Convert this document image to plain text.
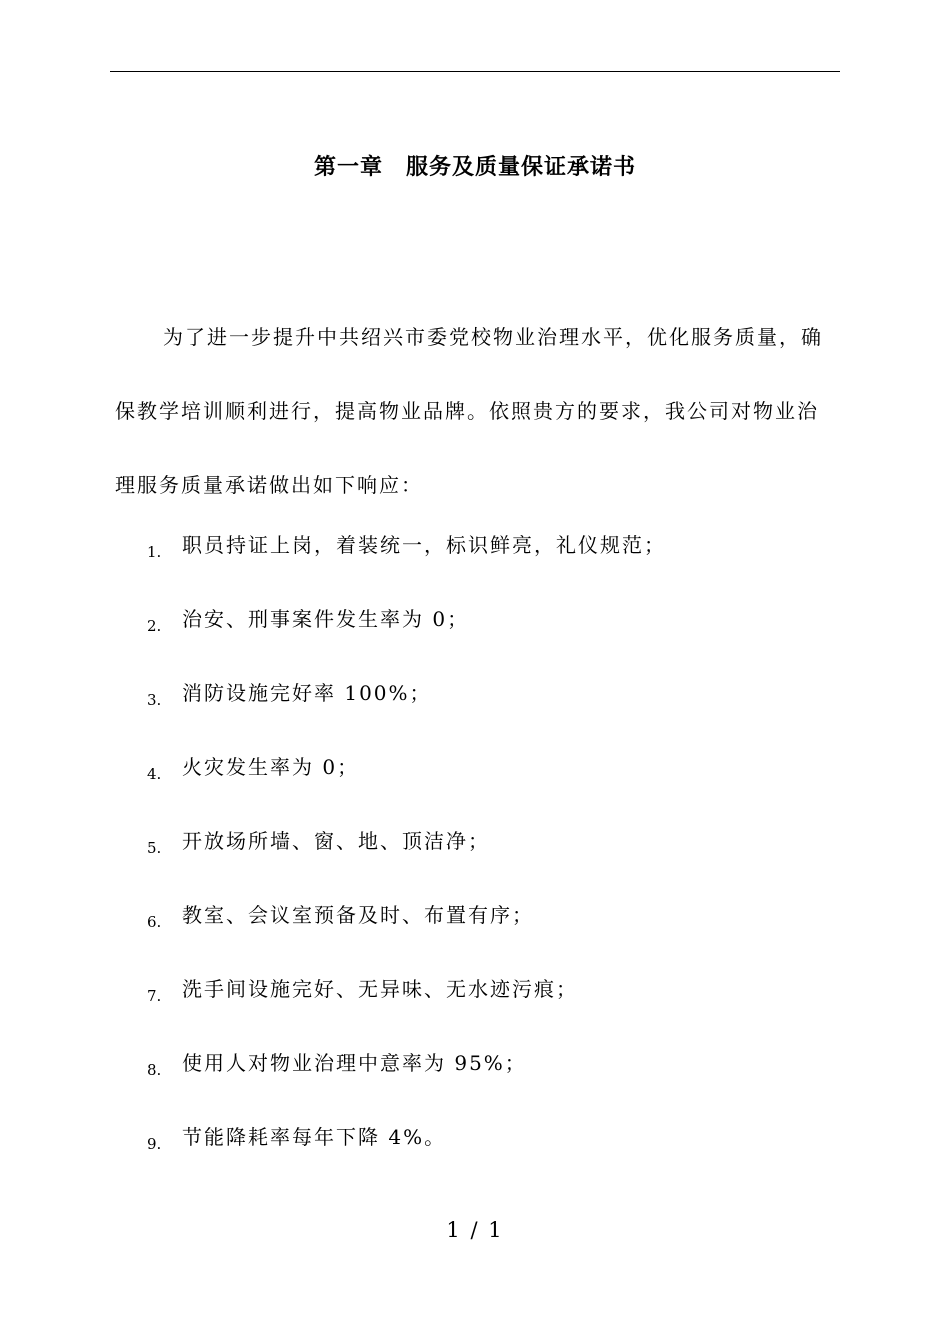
第一章　服务及质量保证承诺书

为了进一步提升中共绍兴市委党校物业治理水平，优化服务质量，确保教学培训顺利进行，提高物业品牌。依照贵方的要求，我公司对物业治理服务质量承诺做出如下响应：

1. 职员持证上岗，着装统一，标识鲜亮，礼仪规范；
2. 治安、刑事案件发生率为 0；
3. 消防设施完好率 100%；
4. 火灾发生率为 0；
5. 开放场所墙、窗、地、顶洁净；
6. 教室、会议室预备及时、布置有序；
7. 洗手间设施完好、无异味、无水迹污痕；
8. 使用人对物业治理中意率为 95%；
9. 节能降耗率每年下降 4%。
1 / 1
